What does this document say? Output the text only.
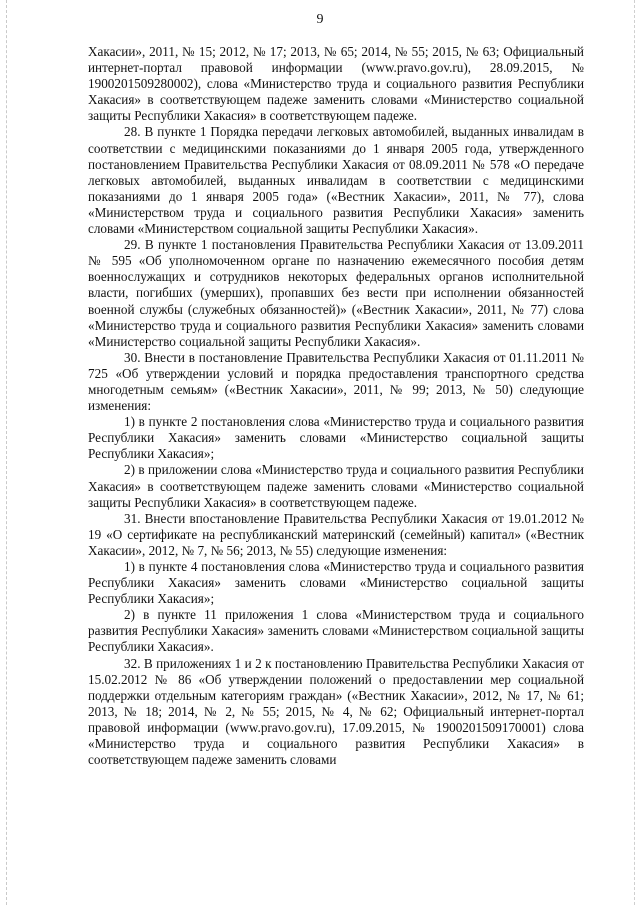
9

Хакасии», 2011, № 15; 2012, № 17; 2013, № 65; 2014, № 55; 2015, № 63; Официальный интернет-портал правовой информации (www.pravo.gov.ru), 28.09.2015, № 1900201509280002), слова «Министерство труда и социального развития Республики Хакасия» в соответствующем падеже заменить словами «Министерство социальной защиты Республики Хакасия» в соответствующем падеже.

28. В пункте 1 Порядка передачи легковых автомобилей, выданных инвалидам в соответствии с медицинскими показаниями до 1 января 2005 года, утвержденного постановлением Правительства Республики Хакасия от 08.09.2011 № 578 «О передаче легковых автомобилей, выданных инвалидам в соответствии с медицинскими показаниями до 1 января 2005 года» («Вестник Хакасии», 2011, № 77), слова «Министерством труда и социального развития Республики Хакасия» заменить словами «Министерством социальной защиты Республики Хакасия».

29. В пункте 1 постановления Правительства Республики Хакасия от 13.09.2011 № 595 «Об уполномоченном органе по назначению ежемесячного пособия детям военнослужащих и сотрудников некоторых федеральных органов исполнительной власти, погибших (умерших), пропавших без вести при исполнении обязанностей военной службы (служебных обязанностей)» («Вестник Хакасии», 2011, № 77) слова «Министерство труда и социального развития Республики Хакасия» заменить словами «Министерство социальной защиты Республики Хакасия».

30. Внести в постановление Правительства Республики Хакасия от 01.11.2011 № 725 «Об утверждении условий и порядка предоставления транспортного средства многодетным семьям» («Вестник Хакасии», 2011, № 99; 2013, № 50) следующие изменения:

1) в пункте 2 постановления слова «Министерство труда и социального развития Республики Хакасия» заменить словами «Министерство социальной защиты Республики Хакасия»;

2) в приложении слова «Министерство труда и социального развития Республики Хакасия» в соответствующем падеже заменить словами «Министерство социальной защиты Республики Хакасия» в соответствующем падеже.

31. Внести впостановление Правительства Республики Хакасия от 19.01.2012 № 19 «О сертификате на республиканский материнский (семейный) капитал» («Вестник Хакасии», 2012, № 7, № 56; 2013, № 55) следующие изменения:

1) в пункте 4 постановления слова «Министерство труда и социального развития Республики Хакасия» заменить словами «Министерство социальной защиты Республики Хакасия»;

2) в пункте 11 приложения 1 слова «Министерством труда и социального развития Республики Хакасия» заменить словами «Министерством социальной защиты Республики Хакасия».

32. В приложениях 1 и 2 к постановлению Правительства Республики Хакасия от 15.02.2012 № 86 «Об утверждении положений о предоставлении мер социальной поддержки отдельным категориям граждан» («Вестник Хакасии», 2012, № 17, № 61; 2013, № 18; 2014, № 2, № 55; 2015, № 4, № 62; Официальный интернет-портал правовой информации (www.pravo.gov.ru), 17.09.2015, № 1900201509170001) слова «Министерство труда и социального развития Республики Хакасия» в соответствующем падеже заменить словами
